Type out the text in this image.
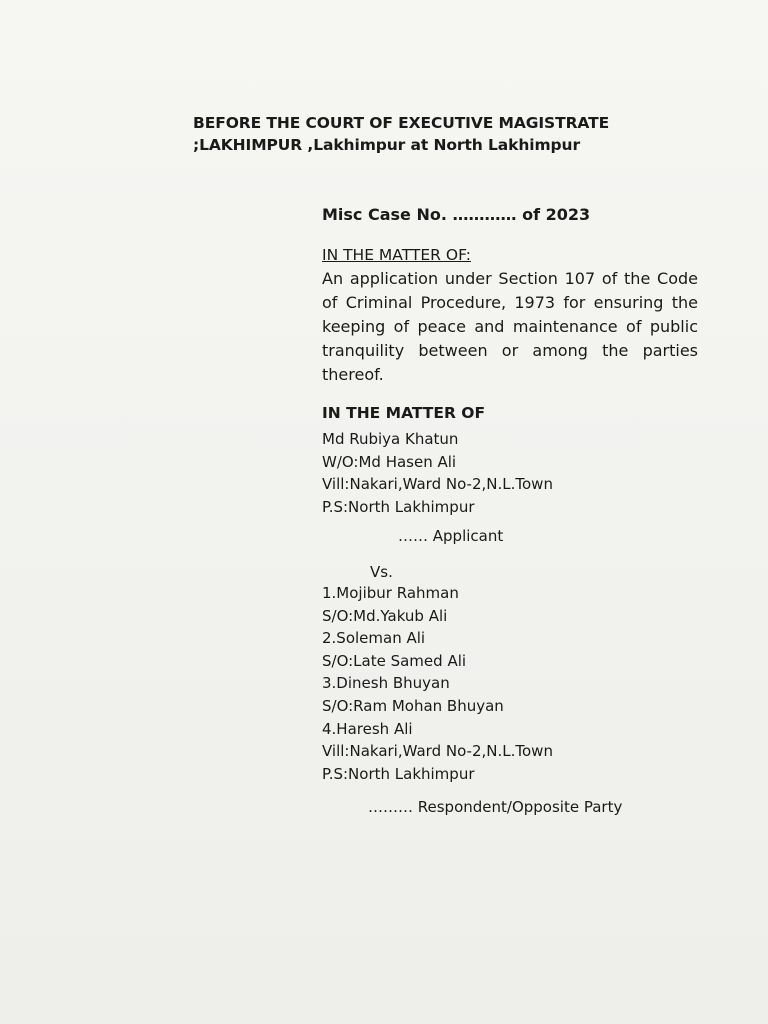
BEFORE THE COURT OF EXECUTIVE MAGISTRATE
;LAKHIMPUR ,Lakhimpur at North Lakhimpur
Misc Case No. ………… of 2023
IN THE MATTER OF:
An application under Section 107 of the Code of Criminal Procedure, 1973 for ensuring the keeping of peace and maintenance of public tranquility between or among the parties thereof.
IN THE MATTER OF
Md Rubiya Khatun
W/O:Md Hasen Ali
Vill:Nakari,Ward No-2,N.L.Town
P.S:North Lakhimpur
…… Applicant
Vs.
1.Mojibur Rahman
S/O:Md.Yakub Ali
2.Soleman Ali
S/O:Late Samed Ali
3.Dinesh Bhuyan
S/O:Ram Mohan Bhuyan
4.Haresh Ali
Vill:Nakari,Ward No-2,N.L.Town
P.S:North Lakhimpur
……… Respondent/Opposite Party
